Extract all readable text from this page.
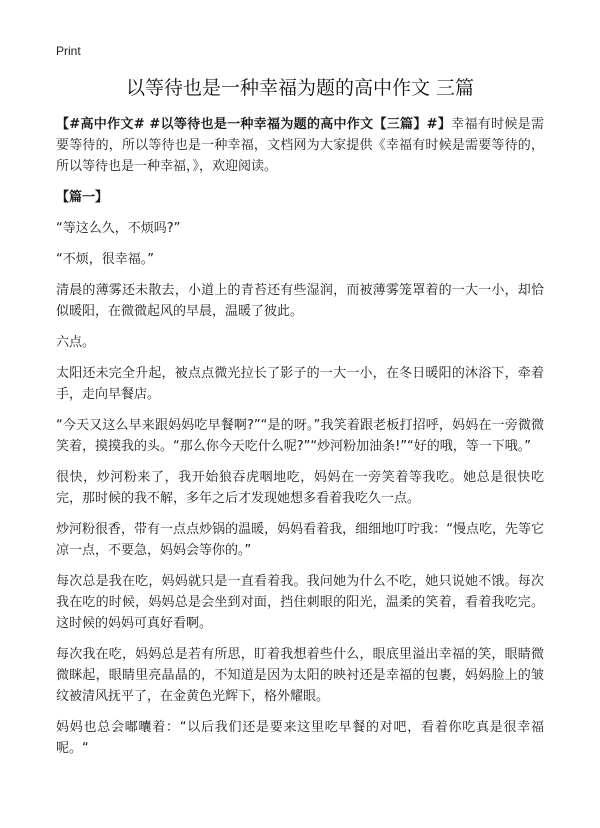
Print
以等待也是一种幸福为题的高中作文 三篇

【#高中作文# #以等待也是一种幸福为题的高中作文【三篇】#】幸福有时候是需要等待的，所以等待也是一种幸福，文档网为大家提供《幸福有时候是需要等待的，所以等待也是一种幸福，》，欢迎阅读。

【篇一】

“等这么久，不烦吗?”

“不烦，很幸福。”

清晨的薄雾还未散去，小道上的青苔还有些湿润，而被薄雾笼罩着的一大一小，却恰似暖阳，在微微起风的早晨，温暖了彼此。

六点。

太阳还未完全升起，被点点微光拉长了影子的一大一小，在冬日暖阳的沐浴下，牵着手，走向早餐店。

“今天又这么早来跟妈妈吃早餐啊?”“是的呀。”我笑着跟老板打招呼，妈妈在一旁微微笑着，摸摸我的头。“那么你今天吃什么呢?”“炒河粉加油条!”“好的哦，等一下哦。”

很快，炒河粉来了，我开始狼吞虎咽地吃，妈妈在一旁笑着等我吃。她总是很快吃完，那时候的我不解，多年之后才发现她想多看着我吃久一点。

炒河粉很香，带有一点点炒锅的温暖，妈妈看着我，细细地叮咛我：“慢点吃，先等它凉一点，不要急，妈妈会等你的。”

每次总是我在吃，妈妈就只是一直看着我。我问她为什么不吃，她只说她不饿。每次我在吃的时候，妈妈总是会坐到对面，挡住刺眼的阳光，温柔的笑着，看着我吃完。这时候的妈妈可真好看啊。

每次我在吃，妈妈总是若有所思，盯着我想着些什么，眼底里溢出幸福的笑，眼睛微微眯起，眼睛里亮晶晶的，不知道是因为太阳的映衬还是幸福的包裹，妈妈脸上的皱纹被清风抚平了，在金黄色光辉下，格外耀眼。

妈妈也总会嘟囔着：“以后我们还是要来这里吃早餐的对吧，看着你吃真是很幸福呢。“
